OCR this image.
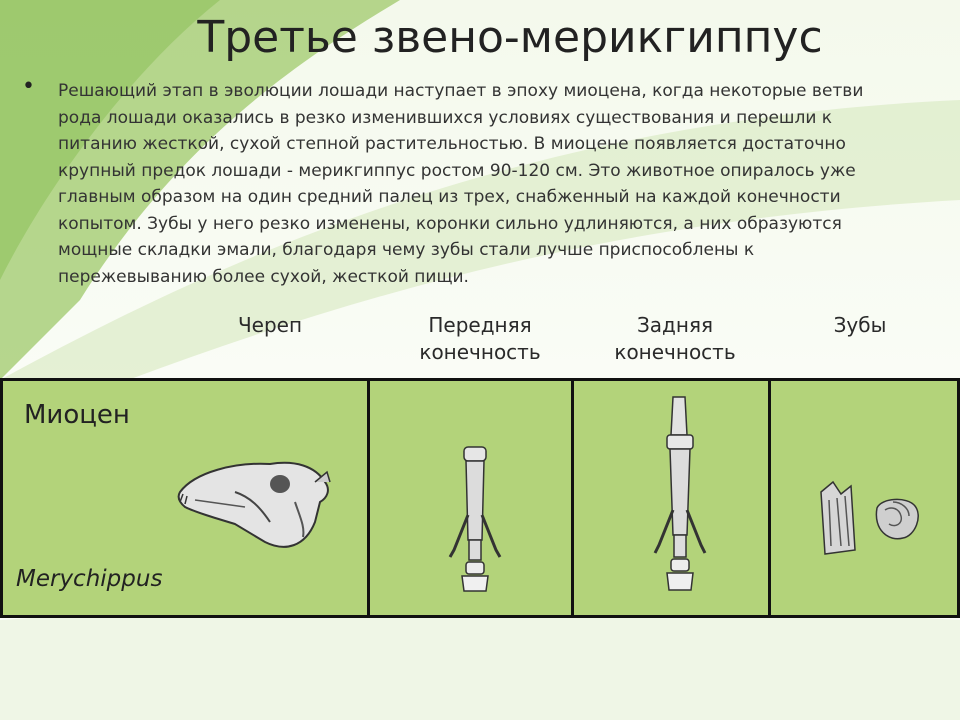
Третье звено-мерикгиппус
• Решающий этап в эволюции лошади наступает в эпоху миоцена, когда некоторые ветви
рода лошади оказались в резко изменившихся условиях существования и перешли к
питанию жесткой, сухой степной растительностью. В миоцене появляется достаточно
крупный предок лошади - мерикгиппус ростом 90-120 см. Это животное опиралось уже
главным образом на один средний палец из трех, снабженный на каждой конечности
копытом. Зубы у него резко изменены, коронки сильно удлиняются, а них образуются
мощные складки эмали, благодаря чему зубы стали лучше приспособлены к
пережевыванию более сухой, жесткой пищи.
Череп	Передняя
конечность
Задняя
конечность
Зубы
Миоцен
Merychippus
